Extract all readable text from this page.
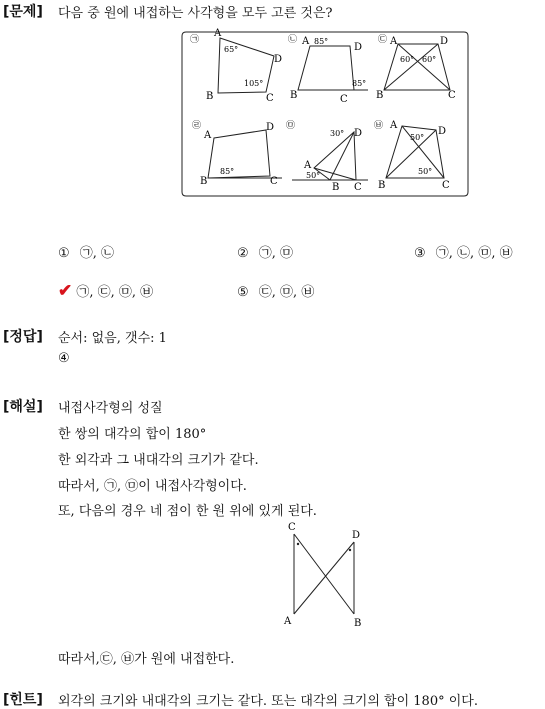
[문제] 다음 중 원에 내접하는 사각형을 모두 고른 것은?
㉠
A
D
B	C
65°
105°
㉡ A
D
B	C
85°
85°
㉢ A	D
B	C
60° 60°
㉣
A
D
B	C
85°
㉤
A
D
B C
30°
50°
㉥ A
D
B	C
50°
50°
① ㉠, ㉡	② ㉠, ㉤	③ ㉠, ㉡, ㉤, ㉥
✔ ㉠, ㉢, ㉤, ㉥	⑤ ㉢, ㉤, ㉥
[정답] 순서: 없음, 갯수: 1
④
[해설] 내접사각형의 성질
한 쌍의 대각의 합이 180°
한 외각과 그 내대각의 크기가 같다.
따라서, ㉠, ㉤이 내접사각형이다.
또, 다음의 경우 네 점이 한 원 위에 있게 된다.
C
D
A	B
따라서,㉢, ㉥가 원에 내접한다.
[힌트] 외각의 크기와 내대각의 크기는 같다. 또는 대각의 크기의 합이 180° 이다.
